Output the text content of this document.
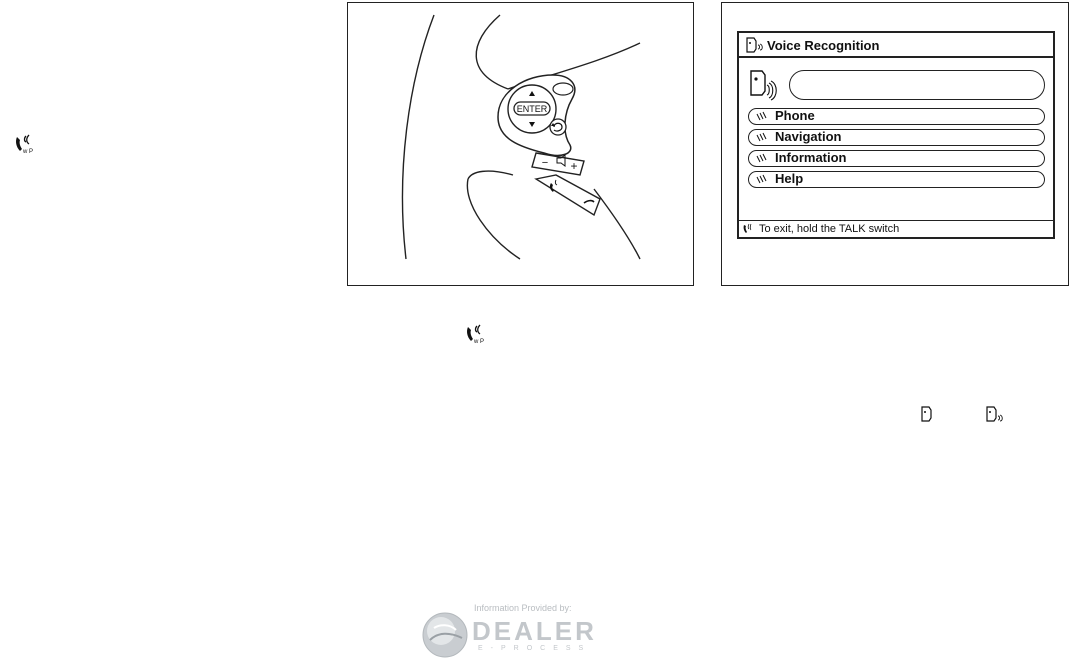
w P
ENTER
− +
Voice Recognition
Phone
Navigation
Information
Help
To exit, hold the TALK switch
w P
Information Provided by:
DEALER
E-PROCESS
